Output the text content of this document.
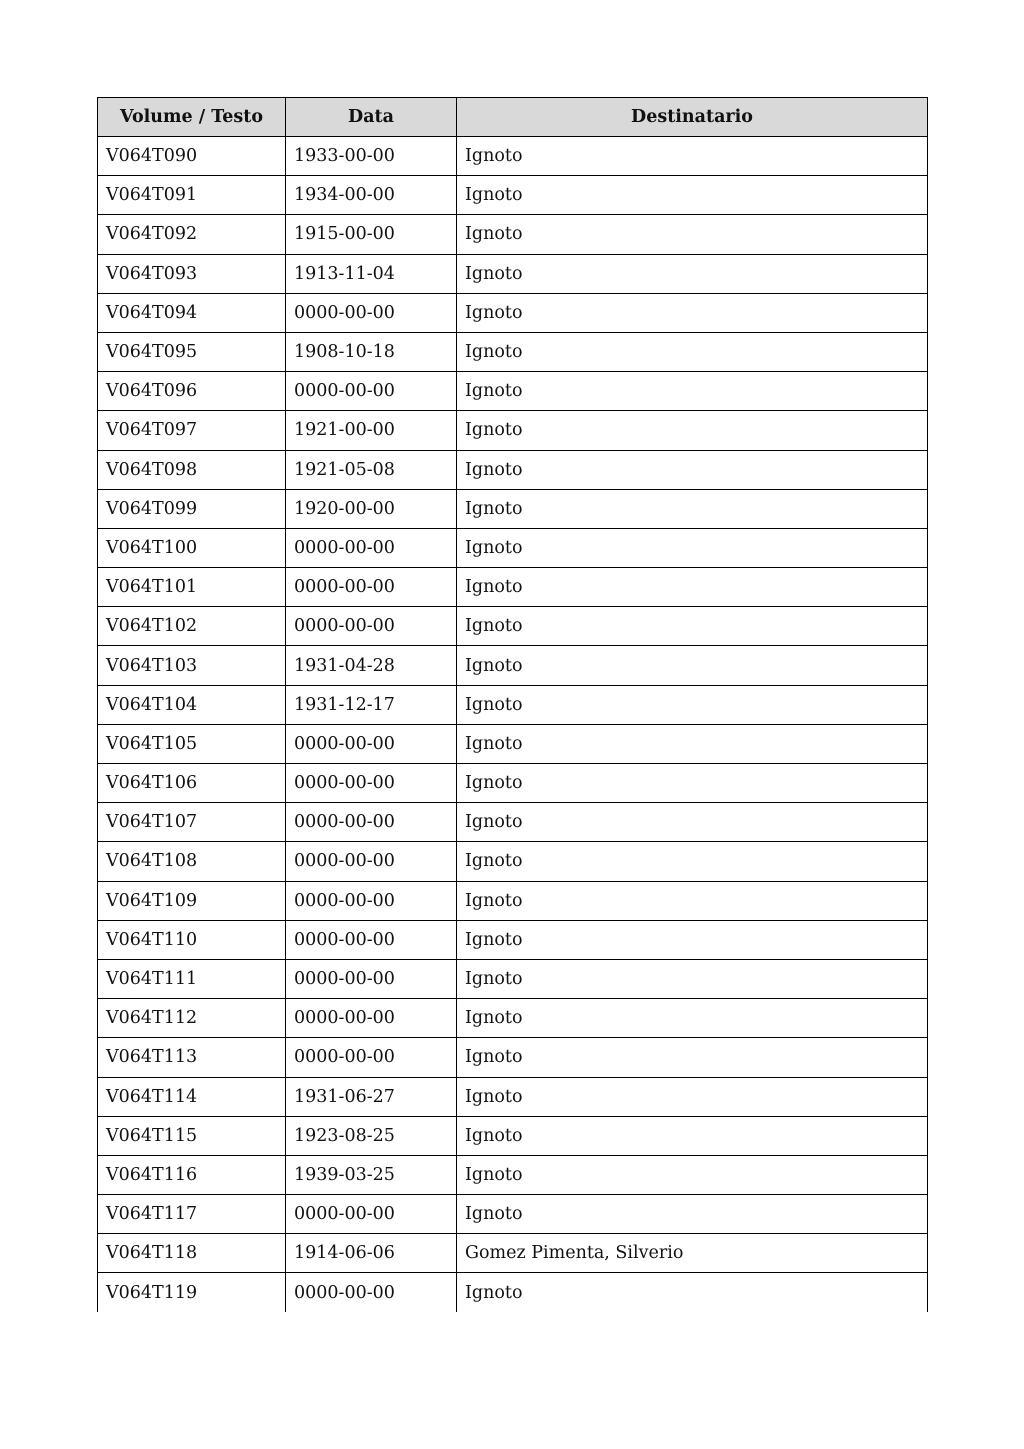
Volume / Testo	Data	Destinatario
V064T090	1933-00-00	Ignoto
V064T091	1934-00-00	Ignoto
V064T092	1915-00-00	Ignoto
V064T093	1913-11-04	Ignoto
V064T094	0000-00-00	Ignoto
V064T095	1908-10-18	Ignoto
V064T096	0000-00-00	Ignoto
V064T097	1921-00-00	Ignoto
V064T098	1921-05-08	Ignoto
V064T099	1920-00-00	Ignoto
V064T100	0000-00-00	Ignoto
V064T101	0000-00-00	Ignoto
V064T102	0000-00-00	Ignoto
V064T103	1931-04-28	Ignoto
V064T104	1931-12-17	Ignoto
V064T105	0000-00-00	Ignoto
V064T106	0000-00-00	Ignoto
V064T107	0000-00-00	Ignoto
V064T108	0000-00-00	Ignoto
V064T109	0000-00-00	Ignoto
V064T110	0000-00-00	Ignoto
V064T111	0000-00-00	Ignoto
V064T112	0000-00-00	Ignoto
V064T113	0000-00-00	Ignoto
V064T114	1931-06-27	Ignoto
V064T115	1923-08-25	Ignoto
V064T116	1939-03-25	Ignoto
V064T117	0000-00-00	Ignoto
V064T118	1914-06-06	Gomez Pimenta, Silverio
V064T119	0000-00-00	Ignoto
